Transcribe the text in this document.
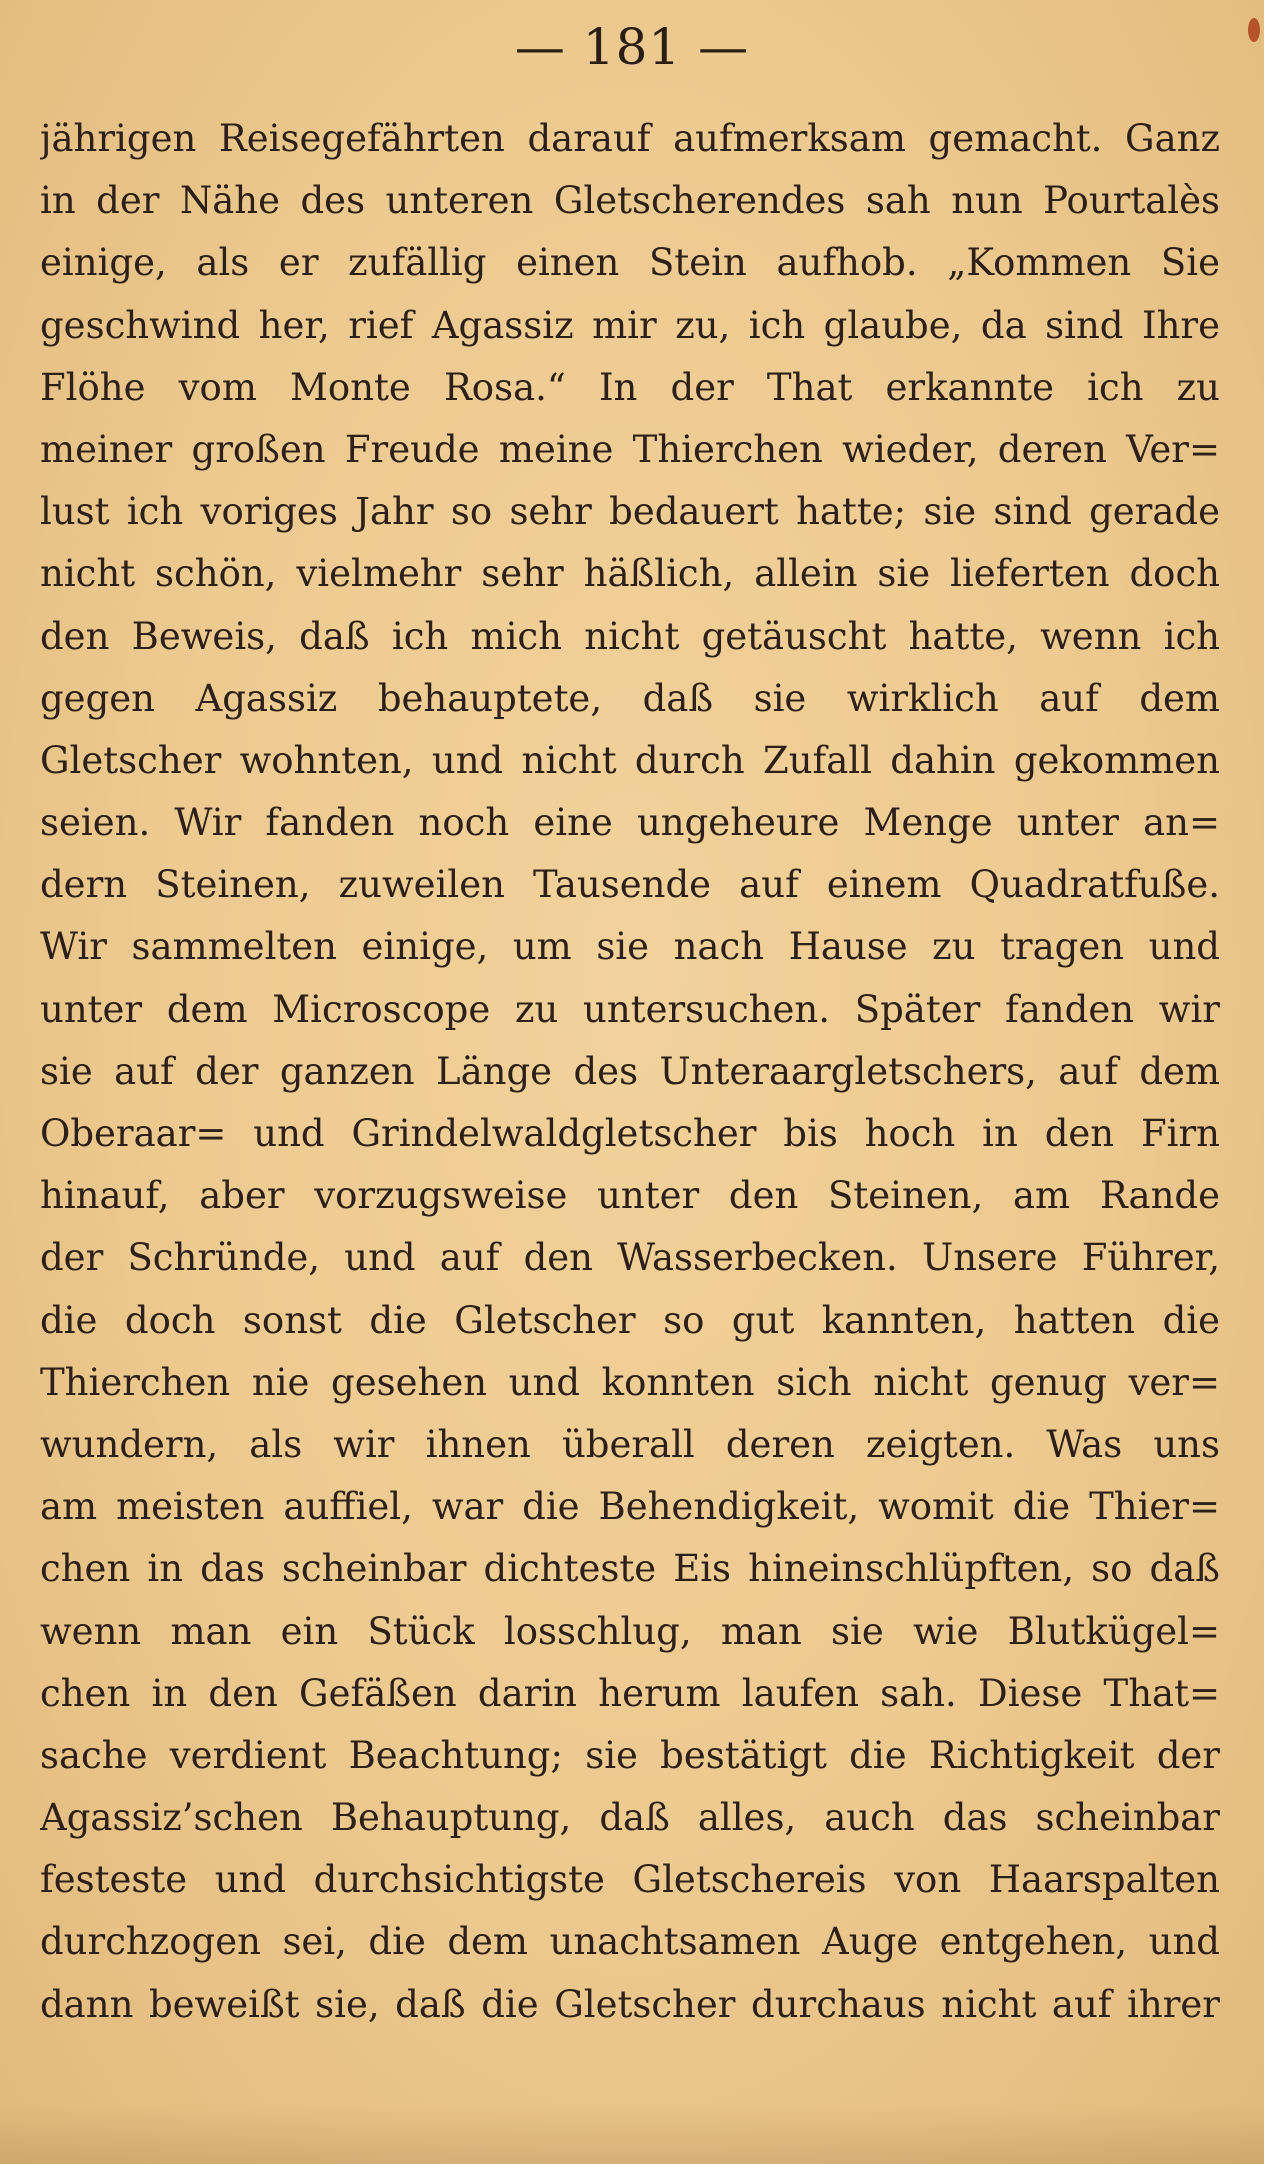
— 181 —
jährigen Reisegefährten darauf aufmerksam gemacht. Ganz
in der Nähe des unteren Gletscherendes sah nun Pourtalès
einige, als er zufällig einen Stein aufhob. „Kommen Sie
geschwind her, rief Agassiz mir zu, ich glaube, da sind Ihre
Flöhe vom Monte Rosa.“ In der That erkannte ich zu
meiner großen Freude meine Thierchen wieder, deren Ver=
lust ich voriges Jahr so sehr bedauert hatte; sie sind gerade
nicht schön, vielmehr sehr häßlich, allein sie lieferten doch
den Beweis, daß ich mich nicht getäuscht hatte, wenn ich
gegen Agassiz behauptete, daß sie wirklich auf dem
Gletscher wohnten, und nicht durch Zufall dahin gekommen
seien. Wir fanden noch eine ungeheure Menge unter an=
dern Steinen, zuweilen Tausende auf einem Quadratfuße.
Wir sammelten einige, um sie nach Hause zu tragen und
unter dem Microscope zu untersuchen. Später fanden wir
sie auf der ganzen Länge des Unteraargletschers, auf dem
Oberaar= und Grindelwaldgletscher bis hoch in den Firn
hinauf, aber vorzugsweise unter den Steinen, am Rande
der Schründe, und auf den Wasserbecken. Unsere Führer,
die doch sonst die Gletscher so gut kannten, hatten die
Thierchen nie gesehen und konnten sich nicht genug ver=
wundern, als wir ihnen überall deren zeigten. Was uns
am meisten auffiel, war die Behendigkeit, womit die Thier=
chen in das scheinbar dichteste Eis hineinschlüpften, so daß
wenn man ein Stück losschlug, man sie wie Blutkügel=
chen in den Gefäßen darin herum laufen sah. Diese That=
sache verdient Beachtung; sie bestätigt die Richtigkeit der
Agassiz’schen Behauptung, daß alles, auch das scheinbar
festeste und durchsichtigste Gletschereis von Haarspalten
durchzogen sei, die dem unachtsamen Auge entgehen, und
dann beweißt sie, daß die Gletscher durchaus nicht auf ihrer
